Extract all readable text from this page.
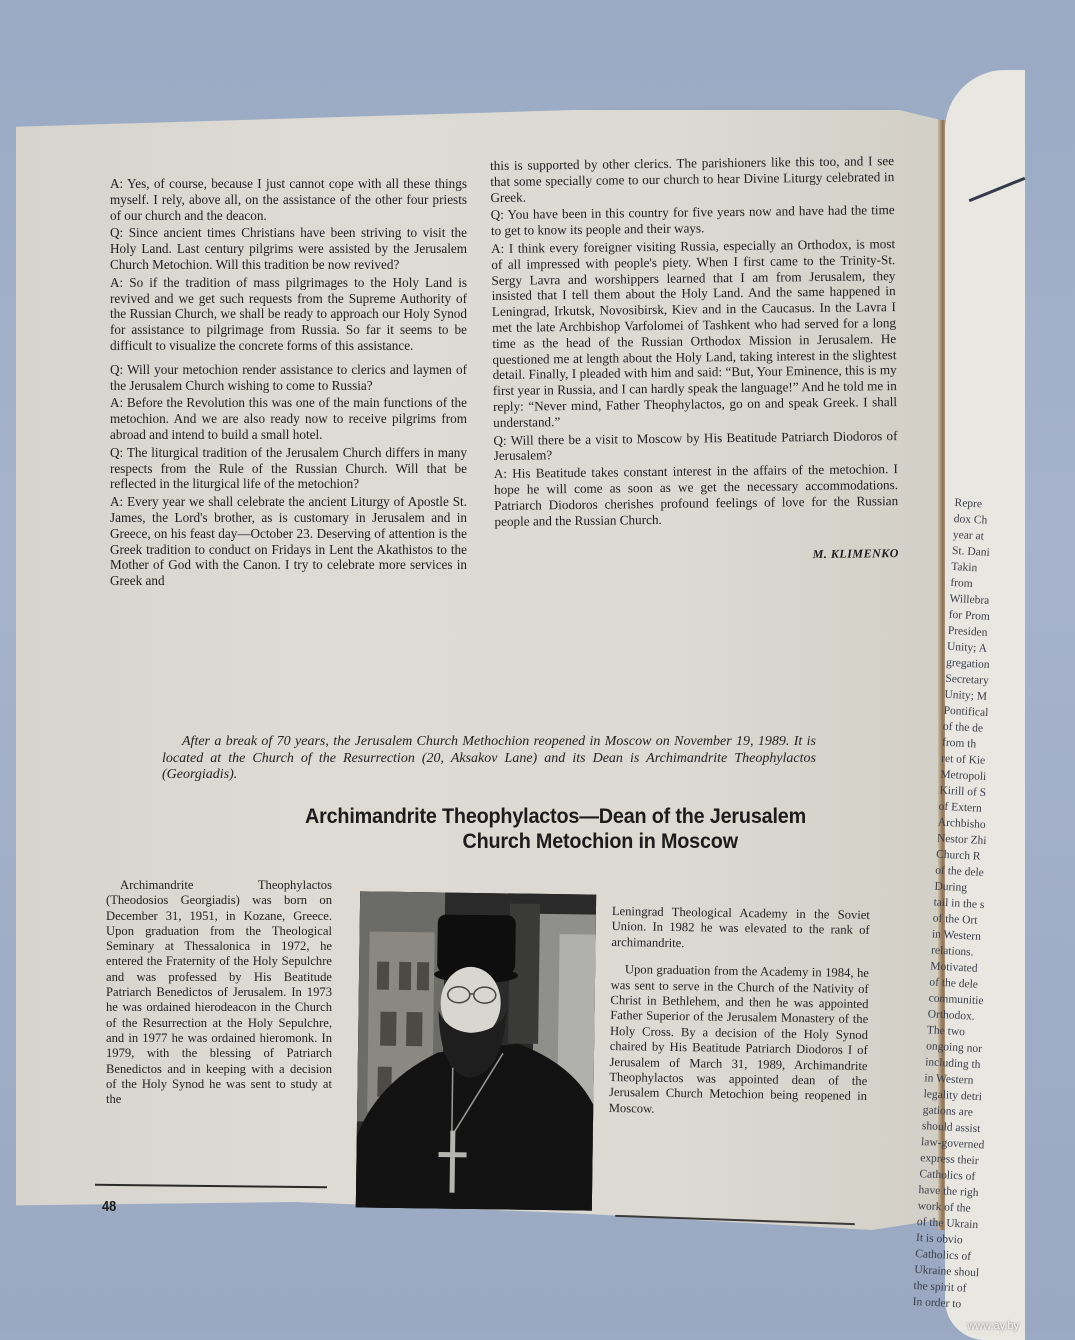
Repre
dox Ch
year at
St. Dani
Takin
from
Willebra
for Prom
Presiden
Unity; A
gregation
Secretary
Unity; M
Pontifical
of the de
from th
ret of Kie
Metropoli
Kirill of S
of Extern
Archbisho
Nestor Zhi
Church R
of the dele
During
tail in the s
of the Ort
in Western
relations.
Motivated
of the dele
communitie
Orthodox.
The two
ongoing nor
including th
in Western
legality detri
gations are
should assist
law-governed
express their
Catholics of
have the righ
work of the
of the Ukrain
It is obvio
Catholics of
Ukraine shoul
the spirit of
In order to
www.ay.by

A: Yes, of course, because I just cannot cope with all these things myself. I rely, above all, on the assistance of the other four priests of our church and the deacon.

Q: Since ancient times Christians have been striving to visit the Holy Land. Last century pilgrims were assisted by the Jerusalem Church Metochion. Will this tradition be now revived?

A: So if the tradition of mass pilgrimages to the Holy Land is revived and we get such requests from the Supreme Authority of the Russian Church, we shall be ready to approach our Holy Synod for assistance to pilgrimage from Russia. So far it seems to be difficult to visualize the concrete forms of this assistance.

Q: Will your metochion render assistance to clerics and laymen of the Jerusalem Church wishing to come to Russia?

A: Before the Revolution this was one of the main functions of the metochion. And we are also ready now to receive pilgrims from abroad and intend to build a small hotel.

Q: The liturgical tradition of the Jerusalem Church differs in many respects from the Rule of the Russian Church. Will that be reflected in the liturgical life of the metochion?

A: Every year we shall celebrate the ancient Liturgy of Apostle St. James, the Lord's brother, as is customary in Jerusalem and in Greece, on his feast day—October 23. Deserving of attention is the Greek tradition to conduct on Fridays in Lent the Akathistos to the Mother of God with the Canon. I try to celebrate more services in Greek and

this is supported by other clerics. The parishioners like this too, and I see that some specially come to our church to hear Divine Liturgy celebrated in Greek.

Q: You have been in this country for five years now and have had the time to get to know its people and their ways.

A: I think every foreigner visiting Russia, especially an Orthodox, is most of all impressed with people's piety. When I first came to the Trinity-St. Sergy Lavra and worshippers learned that I am from Jerusalem, they insisted that I tell them about the Holy Land. And the same happened in Leningrad, Irkutsk, Novosibirsk, Kiev and in the Caucasus. In the Lavra I met the late Archbishop Varfolomei of Tashkent who had served for a long time as the head of the Russian Orthodox Mission in Jerusalem. He questioned me at length about the Holy Land, taking interest in the slightest detail. Finally, I pleaded with him and said: “But, Your Eminence, this is my first year in Russia, and I can hardly speak the language!” And he told me in reply: “Never mind, Father Theophylactos, go on and speak Greek. I shall understand.”

Q: Will there be a visit to Moscow by His Beatitude Patriarch Diodoros of Jerusalem?

A: His Beatitude takes constant interest in the affairs of the metochion. I hope he will come as soon as we get the necessary accommodations. Patriarch Diodoros cherishes profound feelings of love for the Russian people and the Russian Church.

M. KLIMENKO

After a break of 70 years, the Jerusalem Church Methochion reopened in Moscow on November 19, 1989. It is located at the Church of the Resurrection (20, Aksakov Lane) and its Dean is Archimandrite Theophylactos (Georgiadis).
Archimandrite Theophylactos—Dean of the Jerusalem
Church Metochion in Moscow
Archimandrite Theophylactos (Theodosios Georgiadis) was born on December 31, 1951, in Kozane, Greece. Upon graduation from the Theological Seminary at Thessalonica in 1972, he entered the Fraternity of the Holy Sepulchre and was professed by His Beatitude Patriarch Benedictos of Jerusalem. In 1973 he was ordained hierodeacon in the Church of the Resurrection at the Holy Sepulchre, and in 1977 he was ordained hieromonk. In 1979, with the blessing of Patriarch Benedictos and in keeping with a decision of the Holy Synod he was sent to study at the

Leningrad Theological Academy in the Soviet Union. In 1982 he was elevated to the rank of archimandrite.

Upon graduation from the Academy in 1984, he was sent to serve in the Church of the Nativity of Christ in Bethlehem, and then he was appointed Father Superior of the Jerusalem Monastery of the Holy Cross. By a decision of the Holy Synod chaired by His Beatitude Patriarch Diodoros I of Jerusalem of March 31, 1989, Archimandrite Theophylactos was appointed dean of the Jerusalem Church Metochion being reopened in Moscow.

48
